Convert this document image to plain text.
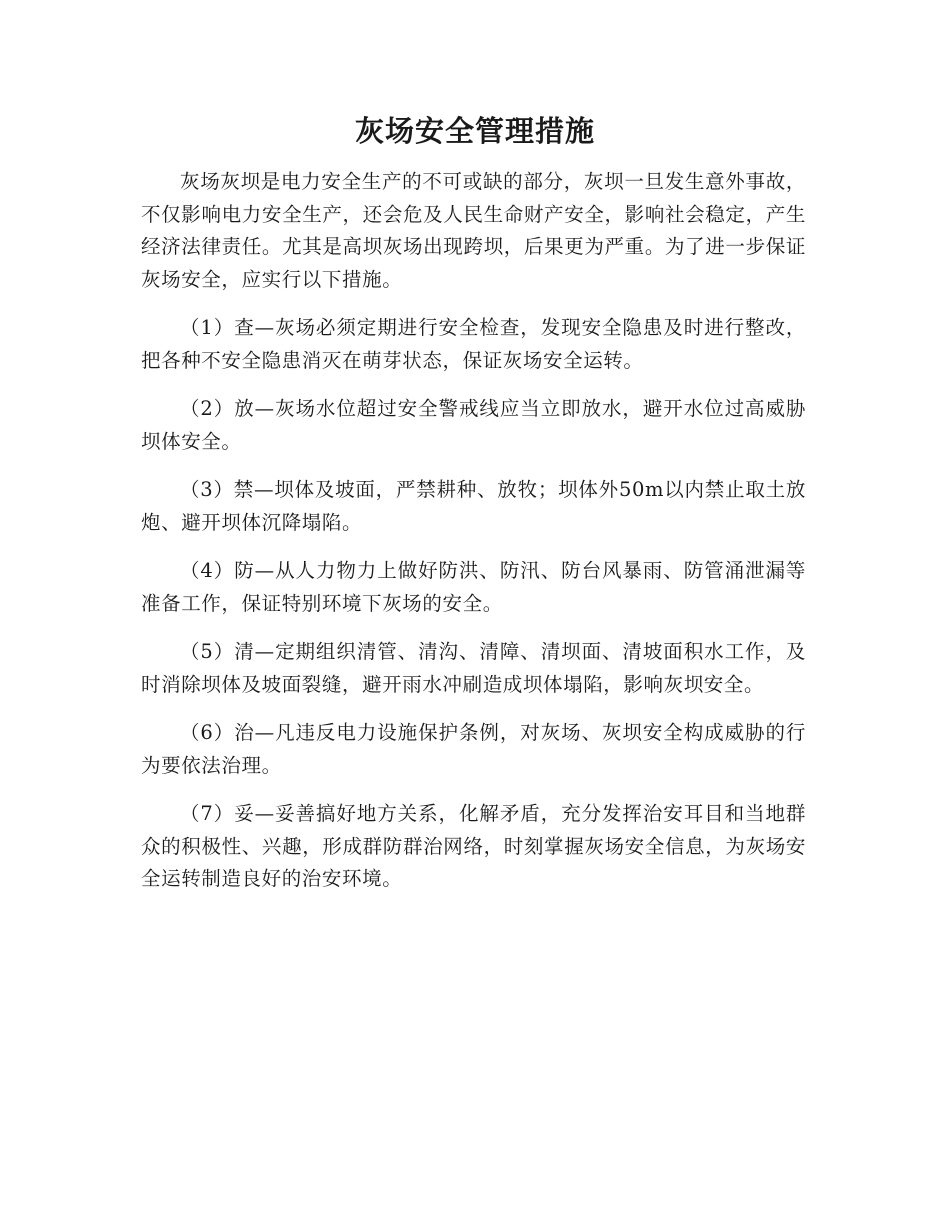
灰场安全管理措施

灰场灰坝是电力安全生产的不可或缺的部分，灰坝一旦发生意外事故，不仅影响电力安全生产，还会危及人民生命财产安全，影响社会稳定，产生经济法律责任。尤其是高坝灰场出现跨坝，后果更为严重。为了进一步保证灰场安全，应实行以下措施。

（1）查—灰场必须定期进行安全检查，发现安全隐患及时进行整改，把各种不安全隐患消灭在萌芽状态，保证灰场安全运转。

（2）放—灰场水位超过安全警戒线应当立即放水，避开水位过高威胁坝体安全。

（3）禁—坝体及坡面，严禁耕种、放牧；坝体外50m以内禁止取土放炮、避开坝体沉降塌陷。

（4）防—从人力物力上做好防洪、防汛、防台风暴雨、防管涌泄漏等准备工作，保证特别环境下灰场的安全。

（5）清—定期组织清管、清沟、清障、清坝面、清坡面积水工作，及时消除坝体及坡面裂缝，避开雨水冲刷造成坝体塌陷，影响灰坝安全。

（6）治—凡违反电力设施保护条例，对灰场、灰坝安全构成威胁的行为要依法治理。

（7）妥—妥善搞好地方关系，化解矛盾，充分发挥治安耳目和当地群众的积极性、兴趣，形成群防群治网络，时刻掌握灰场安全信息，为灰场安全运转制造良好的治安环境。
